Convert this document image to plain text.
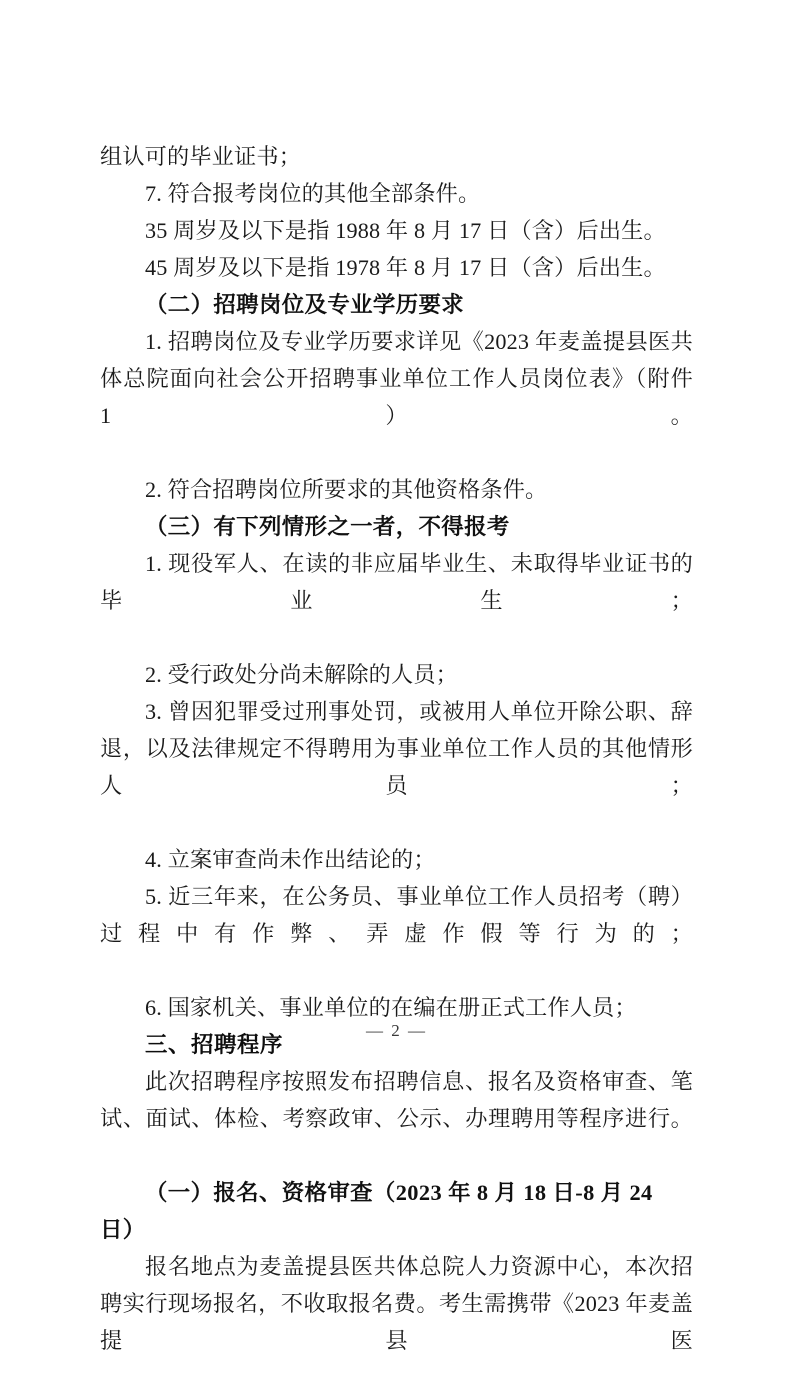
组认可的毕业证书；

7. 符合报考岗位的其他全部条件。

35 周岁及以下是指 1988 年 8 月 17 日（含）后出生。

45 周岁及以下是指 1978 年 8 月 17 日（含）后出生。

（二）招聘岗位及专业学历要求

1. 招聘岗位及专业学历要求详见《2023 年麦盖提县医共体总院面向社会公开招聘事业单位工作人员岗位表》（附件 1）。

2. 符合招聘岗位所要求的其他资格条件。

（三）有下列情形之一者，不得报考

1. 现役军人、在读的非应届毕业生、未取得毕业证书的毕业生；

2. 受行政处分尚未解除的人员；

3. 曾因犯罪受过刑事处罚，或被用人单位开除公职、辞退，以及法律规定不得聘用为事业单位工作人员的其他情形人员；

4. 立案审查尚未作出结论的；

5. 近三年来，在公务员、事业单位工作人员招考（聘）过程中有作弊、弄虚作假等行为的；

6. 国家机关、事业单位的在编在册正式工作人员；

三、招聘程序

此次招聘程序按照发布招聘信息、报名及资格审查、笔试、面试、体检、考察政审、公示、办理聘用等程序进行。

（一）报名、资格审查（2023 年 8 月 18 日-8 月 24 日）

报名地点为麦盖提县医共体总院人力资源中心，本次招聘实行现场报名，不收取报名费。考生需携带《2023 年麦盖提县医

— 2 —
